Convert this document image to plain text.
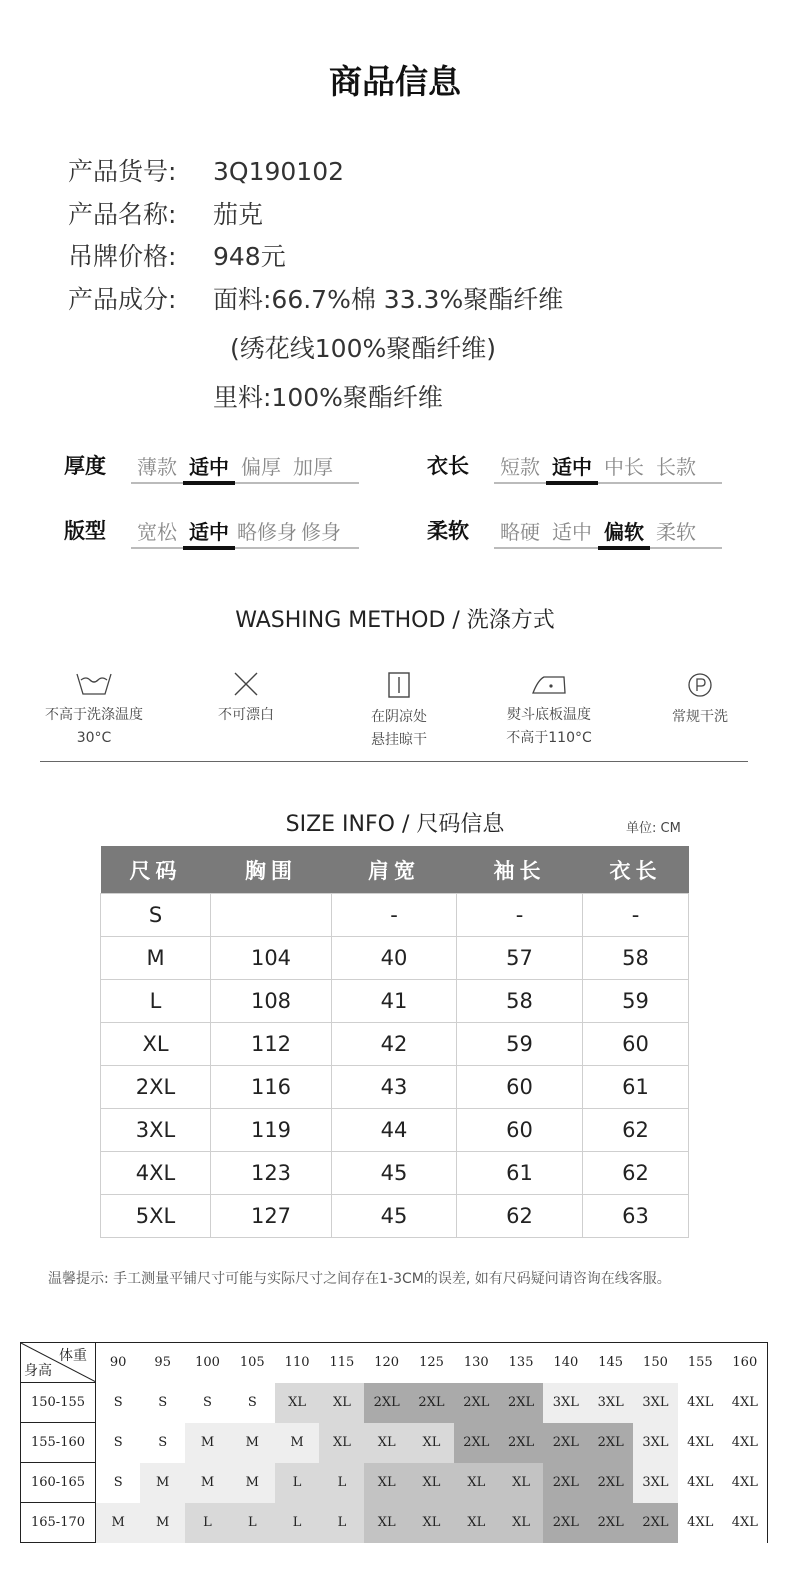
商品信息
产品货号: 3Q190102
产品名称: 茄克
吊牌价格: 948元
产品成分: 面料:66.7%棉 33.3%聚酯纤维
(绣花线100%聚酯纤维)
里料:100%聚酯纤维
厚度	薄款 适中 偏厚 加厚	衣长	短款 适中 中长 长款
版型	宽松 适中 略修身 修身	柔软	略硬 适中 偏软 柔软
WASHING METHOD / 洗涤方式
不高于洗涤温度
30°C
不可漂白	在阴凉处
悬挂晾干
熨斗底板温度
不高于110°C
常规干洗
SIZE INFO / 尺码信息	单位: CM
尺码	胸围	肩宽	袖长	衣长
S		-	-	-
M	104	40	57	58
L	108	41	58	59
XL	112	42	59	60
2XL	116	43	60	61
3XL	119	44	60	62
4XL	123	45	61	62
5XL	127	45	62	63
温馨提示: 手工测量平铺尺寸可能与实际尺寸之间存在1-3CM的误差, 如有尺码疑问请咨询在线客服。
体重
身高	90	95	100	105	110	115	120	125	130	135	140	145	150	155	160
150-155	S	S	S	S	XL	XL	2XL	2XL	2XL	2XL	3XL	3XL	3XL	4XL	4XL
155-160	S	S	M	M	M	XL	XL	XL	2XL	2XL	2XL	2XL	3XL	4XL	4XL
160-165	S	M	M	M	L	L	XL	XL	XL	XL	2XL	2XL	3XL	4XL	4XL
165-170	M	M	L	L	L	L	XL	XL	XL	XL	2XL	2XL	2XL	4XL	4XL
